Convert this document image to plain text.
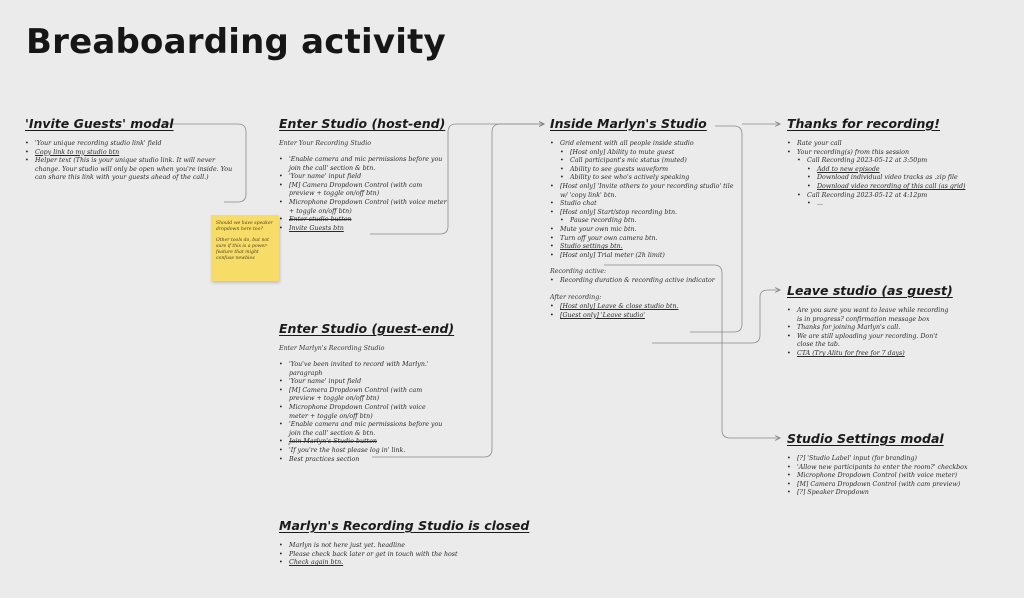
Breaboarding activity
'Invite Guests' modal
• 'Your unique recording studio link' field
• Copy link to my studio btn
• Helper text (This is your unique studio link. It will never change. Your studio will only be open when you're inside. You can share this link with your guests ahead of the call.)
Enter Studio (host-end)
Enter Your Recording Studio
• 'Enable camera and mic permissions before you join the call' section & btn.
• 'Your name' input field
• [M] Camera Dropdown Control (with cam preview + toggle on/off btn)
• Microphone Dropdown Control (with voice meter + toggle on/off btn)
• Enter studio button
• Invite Guests btn

Should we have speaker dropdown here too?

Other tools do, but not sure if this is a power-feature that might confuse newbies

Inside Marlyn's Studio
• Grid element with all people inside studio
• [Host only] Ability to mute guest
• Call participant's mic status (muted)
• Ability to see guests waveform
• Ability to see who's actively speaking
• [Host only] 'Invite others to your recording studio' tile w/ 'copy link' btn.
• Studio chat
• [Host only] Start/stop recording btn.
• Pause recording btn.
• Mute your own mic btn.
• Turn off your own camera btn.
• Studio settings btn.
• [Host only] Trial meter (2h limit)
Recording active:
• Recording duration & recording active indicator
After recording:
• [Host only] Leave & close studio btn.
• [Guest only] 'Leave studio'
Thanks for recording!
• Rate your call
• Your recording(s) from this session
• Call Recording 2023-05-12 at 3:50pm
• Add to new episode
• Download individual video tracks as .zip file
• Download video recording of this call (as grid)
• Call Recording 2023-05-12 at 4:12pm
• ...
Leave studio (as guest)
• Are you sure you want to leave while recording is in progress? confirmation message box
• Thanks for joining Marlyn's call.
• We are still uploading your recording. Don't close the tab.
• CTA (Try Alitu for free for 7 days)
Enter Studio (guest-end)
Enter Marlyn's Recording Studio
• 'You've been invited to record with Marlyn.' paragraph
• 'Your name' input field
• [M] Camera Dropdown Control (with cam preview + toggle on/off btn)
• Microphone Dropdown Control (with voice meter + toggle on/off btn)
• 'Enable camera and mic permissions before you join the call' section & btn.
• Join Marlyn's Studio button
• 'If you're the host please log in' link.
• Best practices section
Studio Settings modal
• [?] 'Studio Label' input (for branding)
• 'Allow new participants to enter the room?' checkbox
• Microphone Dropdown Control (with voice meter)
• [M] Camera Dropdown Control (with cam preview)
• [?] Speaker Dropdown
Marlyn's Recording Studio is closed
• Marlyn is not here just yet. headline
• Please check back later or get in touch with the host
• Check again btn.
